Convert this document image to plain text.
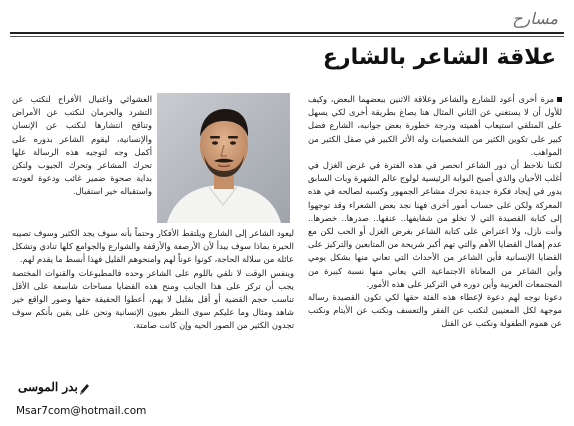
مسارح
علاقة الشاعر بالشارع

مرة أخرى أعود للشارع والشاعر وعلاقة الاثنين ببعضهما البعض، وكيف للأول أن لا يستغني عن الثاني المثال هنا يصاغ بطريقة أخرى لكي يسهل على المتلقي استيعاب أهميته ودرجة خطورة بعض جوانبه، الشارع فضل كبير على تكوين الكثير من الشخصيات وله الأثر الكبير في صقل الكثير من المواهب.

لكننا نلاحظ أن دور الشاعر انحصر في هذه الفترة في غرض الغزل في أغلب الأحيان والذي أصبح البوابة الرئيسية لولوج عالم الشهرة وبات السابق يدور في إيجاد فكرة جديدة تحرك مشاعر الجمهور وكسبه لصالحه في هذه المعركة ولكن على حساب أمور أخرى فهنا نجد بعض الشعراء وقد توجهوا إلى كتابة القصيدة التي لا تخلو من شفايفها.. عنقها.. صدرها.. خصرها.. وأنت نازل، ولا اعتراض على كتابة الشاعر بغرض الغزل أو الحب لكن مع عدم إهمال القضايا الأهم والتي تهم أكبر شريحة من المتابعين والتركيز على القضايا الإنسانية فأين الشاعر من الأحداث التي تعاني منها بشكل يومي وأين الشاعر من المعاناة الاجتماعية التي يعاني منها نسبة كبيرة من المجتمعات العربية وأين دوره في التركيز على هذه الأمور.

دعونا نوجه لهم دعوة لإعطاء هذه الفئة حقها لكي تكون القصيدة رسالة موجهة لكل المعنيين لنكتب عن الفقر والتعسف ونكتب عن الأيتام ونكتب عن هموم الطفولة ونكتب عن القتل

العشوائي واغتيال الأفراح لنكتب عن التشرد والحرمان لنكتب عن الأمراض وتناقح انتشارها لنكتب عن الإنسان والإنسانية، ليقوم الشاعر بدوره على أكمل وجه لتوجيه هذه الرسالة علها تحرك المشاعر وتحرك الجيوب ولتكن بداية صحوة ضمير غائب ودعوة لعودته واستقباله خير استقبال.

ليعود الشاعر إلى الشارع ويلتقط الأفكار وحتماً بأنه سوف يجد الكثير وسوف تصيبه الحيرة بماذا سوف يبدأ لأن الأرصفة والأرقفة والشوارع والجوامع كلها تنادي وتشكل عائلة من سلالة الحاجة، كونوا عوناً لهم وامنحوهم القليل فهذا أبسط ما يقدم لهم.

وينفس الوقت لا نلقي باللوم على الشاعر وحده فالمطبوعات والقنوات المختصة يجب أن تركز على هذا الجانب ومنح هذه القضايا مساحات شاسعة على الأقل تناسب حجم القضية أو أقل بقليل لا يهم، أعطوا الحقيقة حقها وصور الواقع خير شاهد ومثال وما عليكم سوى النظر بعيون الإنسانية ونحن على يقين بأنكم سوف تجدون الكثير من الصور الحيه وإن كانت صامتة.

بدر الموسى
Msar7com@hotmail.com
